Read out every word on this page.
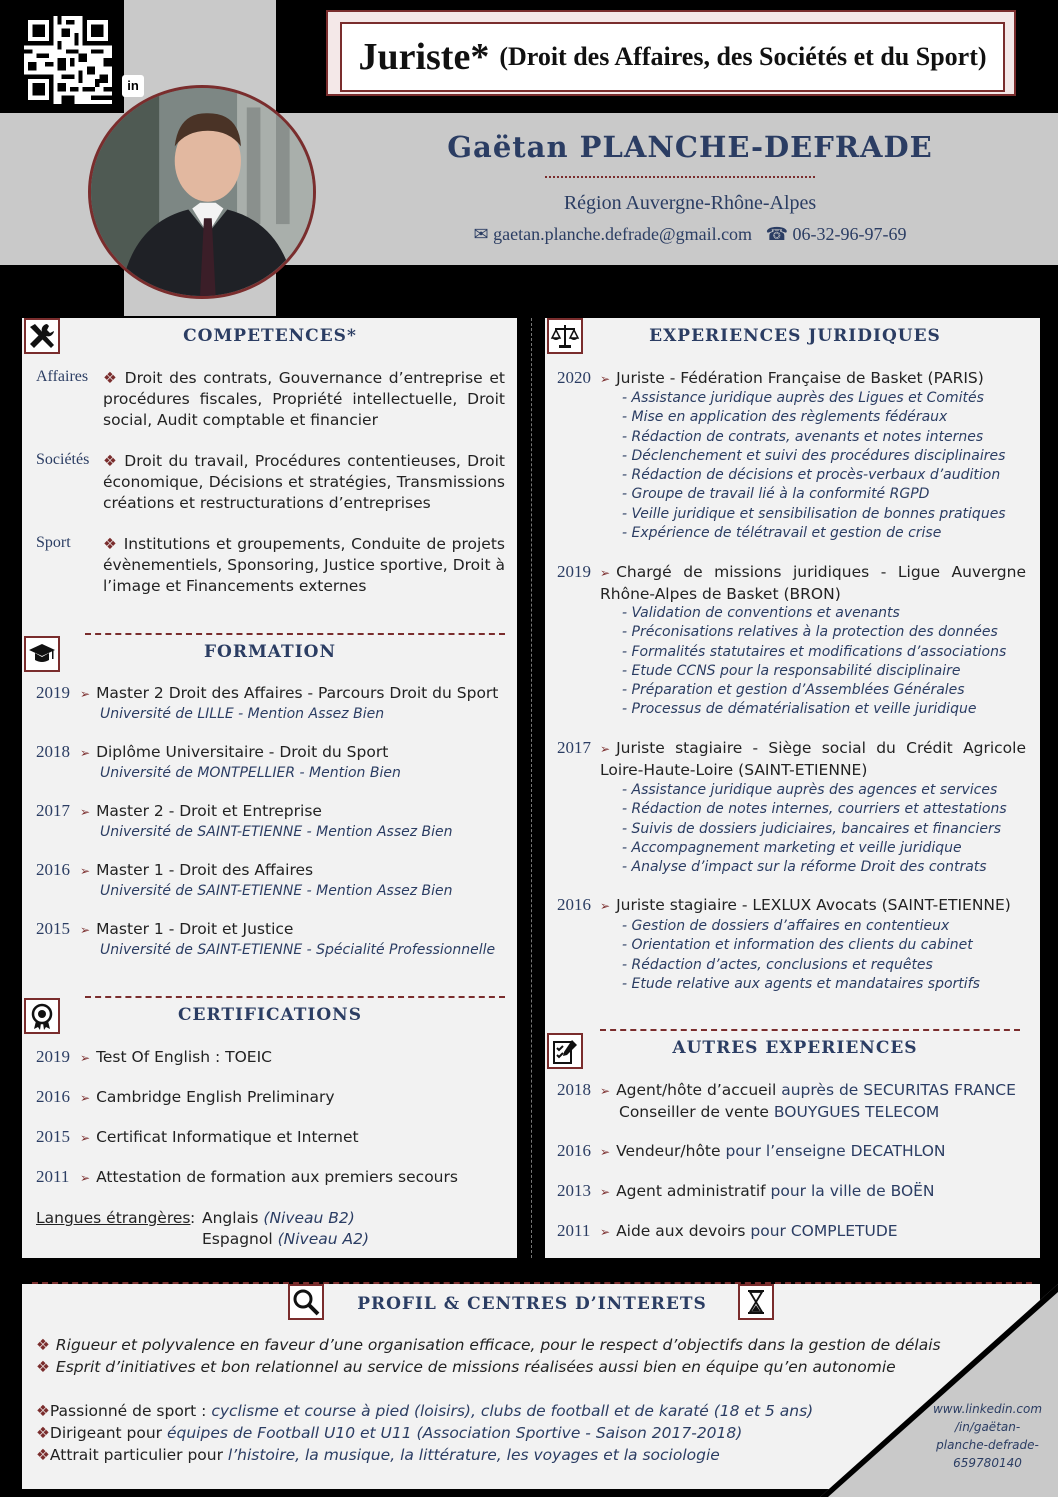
in
Juriste* (Droit des Affaires, des Sociétés et du Sport)
Gaëtan PLANCHE-DEFRADE
Région Auvergne-Rhône-Alpes
✉ gaetan.planche.defrade@gmail.com ☎ 06-32-96-97-69
COMPETENCES*
Affaires ❖ Droit des contrats, Gouvernance d’entreprise et procédures fiscales, Propriété intellectuelle, Droit social, Audit comptable et financier
Sociétés ❖ Droit du travail, Procédures contentieuses, Droit économique, Décisions et stratégies, Transmissions créations et restructurations d’entreprises
Sport ❖ Institutions et groupements, Conduite de projets évènementiels, Sponsoring, Justice sportive, Droit à l’image et Financements externes
FORMATION
2019 ➢ Master 2 Droit des Affaires - Parcours Droit du Sport
Université de LILLE - Mention Assez Bien
2018 ➢ Diplôme Universitaire - Droit du Sport
Université de MONTPELLIER - Mention Bien
2017 ➢ Master 2 - Droit et Entreprise
Université de SAINT-ETIENNE - Mention Assez Bien
2016 ➢ Master 1 - Droit des Affaires
Université de SAINT-ETIENNE - Mention Assez Bien
2015 ➢ Master 1 - Droit et Justice
Université de SAINT-ETIENNE - Spécialité Professionnelle
CERTIFICATIONS
2019 ➢ Test Of English : TOEIC
2016 ➢ Cambridge English Preliminary
2015 ➢ Certificat Informatique et Internet
2011 ➢ Attestation de formation aux premiers secours
Langues étrangères : Anglais (Niveau B2)
Espagnol (Niveau A2)
EXPERIENCES JURIDIQUES
2020 ➢ Juriste - Fédération Française de Basket (PARIS)
- Assistance juridique auprès des Ligues et Comités
- Mise en application des règlements fédéraux
- Rédaction de contrats, avenants et notes internes
- Déclenchement et suivi des procédures disciplinaires
- Rédaction de décisions et procès-verbaux d’audition
- Groupe de travail lié à la conformité RGPD
- Veille juridique et sensibilisation de bonnes pratiques
- Expérience de télétravail et gestion de crise
2019 ➢ Chargé de missions juridiques - Ligue Auvergne Rhône-Alpes de Basket (BRON)
- Validation de conventions et avenants
- Préconisations relatives à la protection des données
- Formalités statutaires et modifications d’associations
- Etude CCNS pour la responsabilité disciplinaire
- Préparation et gestion d’Assemblées Générales
- Processus de dématérialisation et veille juridique
2017 ➢ Juriste stagiaire - Siège social du Crédit Agricole Loire-Haute-Loire (SAINT-ETIENNE)
- Assistance juridique auprès des agences et services
- Rédaction de notes internes, courriers et attestations
- Suivis de dossiers judiciaires, bancaires et financiers
- Accompagnement marketing et veille juridique
- Analyse d’impact sur la réforme Droit des contrats
2016 ➢ Juriste stagiaire - LEXLUX Avocats (SAINT-ETIENNE)
- Gestion de dossiers d’affaires en contentieux
- Orientation et information des clients du cabinet
- Rédaction d’actes, conclusions et requêtes
- Etude relative aux agents et mandataires sportifs
AUTRES EXPERIENCES
2018 ➢ Agent/hôte d’accueil auprès de SECURITAS FRANCE
Conseiller de vente BOUYGUES TELECOM
2016 ➢ Vendeur/hôte pour l’enseigne DECATHLON
2013 ➢ Agent administratif pour la ville de BOËN
2011 ➢ Aide aux devoirs pour COMPLETUDE
PROFIL & CENTRES D’INTERETS
❖ Rigueur et polyvalence en faveur d’une organisation efficace, pour le respect d’objectifs dans la gestion de délais
❖ Esprit d’initiatives et bon relationnel au service de missions réalisées aussi bien en équipe qu’en autonomie
❖Passionné de sport : cyclisme et course à pied (loisirs), clubs de football et de karaté (18 et 5 ans)
❖Dirigeant pour équipes de Football U10 et U11 (Association Sportive - Saison 2017-2018)
❖Attrait particulier pour l’histoire, la musique, la littérature, les voyages et la sociologie
www.linkedin.com
/in/gaëtan-
planche-defrade-
659780140
